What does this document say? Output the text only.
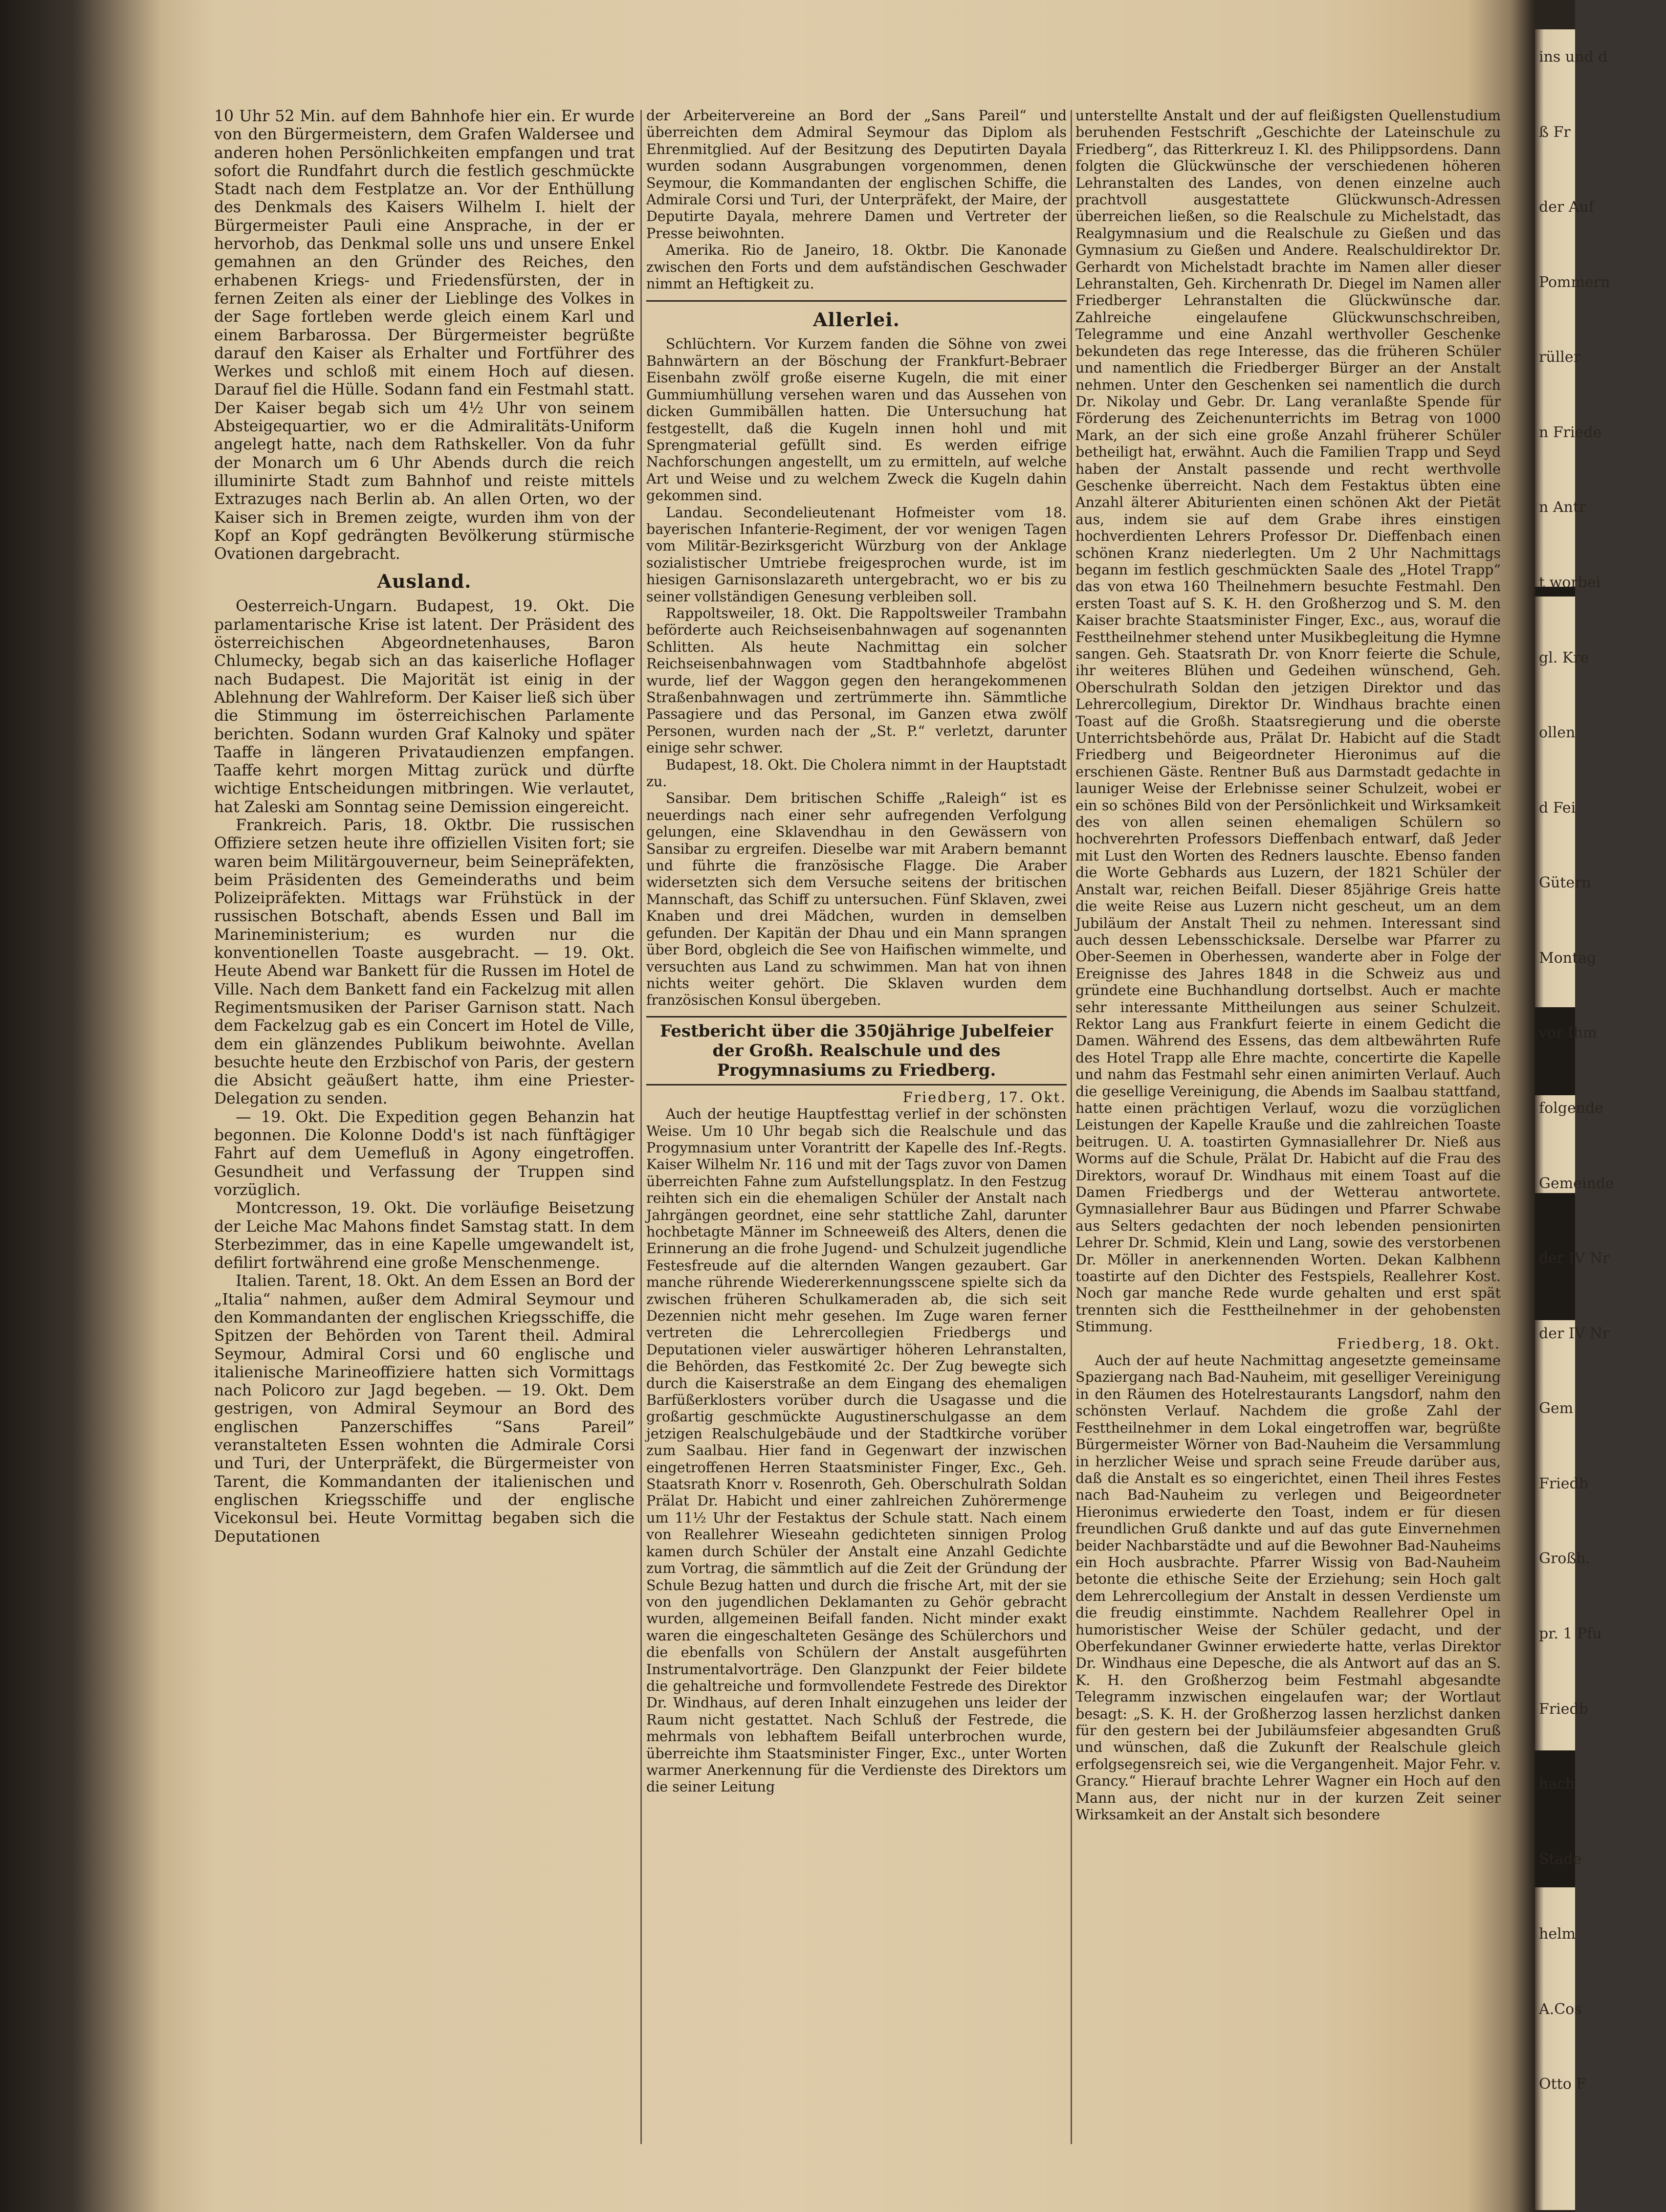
10 Uhr 52 Min. auf dem Bahnhofe hier ein. Er wurde von den Bürgermeistern, dem Grafen Waldersee und anderen hohen Persönlichkeiten empfangen und trat sofort die Rundfahrt durch die festlich geschmückte Stadt nach dem Festplatze an. Vor der Enthüllung des Denkmals des Kaisers Wilhelm I. hielt der Bürgermeister Pauli eine Ansprache, in der er hervorhob, das Denkmal solle uns und unsere Enkel gemahnen an den Gründer des Reiches, den erhabenen Kriegs- und Friedensfürsten, der in fernen Zeiten als einer der Lieblinge des Volkes in der Sage fortleben werde gleich einem Karl und einem Barbarossa. Der Bürgermeister begrüßte darauf den Kaiser als Erhalter und Fortführer des Werkes und schloß mit einem Hoch auf diesen. Darauf fiel die Hülle. Sodann fand ein Festmahl statt. Der Kaiser begab sich um 4½ Uhr von seinem Absteigequartier, wo er die Admiralitäts-Uniform angelegt hatte, nach dem Rathskeller. Von da fuhr der Monarch um 6 Uhr Abends durch die reich illuminirte Stadt zum Bahnhof und reiste mittels Extrazuges nach Berlin ab. An allen Orten, wo der Kaiser sich in Bremen zeigte, wurden ihm von der Kopf an Kopf gedrängten Bevölkerung stürmische Ovationen dargebracht.

Ausland.

Oesterreich-Ungarn. Budapest, 19. Okt. Die parlamentarische Krise ist latent. Der Präsident des österreichischen Abgeordnetenhauses, Baron Chlumecky, begab sich an das kaiserliche Hoflager nach Budapest. Die Majorität ist einig in der Ablehnung der Wahlreform. Der Kaiser ließ sich über die Stimmung im österreichischen Parlamente berichten. Sodann wurden Graf Kalnoky und später Taaffe in längeren Privataudienzen empfangen. Taaffe kehrt morgen Mittag zurück und dürfte wichtige Entscheidungen mitbringen. Wie verlautet, hat Zaleski am Sonntag seine Demission eingereicht.

Frankreich. Paris, 18. Oktbr. Die russischen Offiziere setzen heute ihre offiziellen Visiten fort; sie waren beim Militärgouverneur, beim Seinepräfekten, beim Präsidenten des Gemeinderaths und beim Polizeipräfekten. Mittags war Frühstück in der russischen Botschaft, abends Essen und Ball im Marineministerium; es wurden nur die konventionellen Toaste ausgebracht. — 19. Okt. Heute Abend war Bankett für die Russen im Hotel de Ville. Nach dem Bankett fand ein Fackelzug mit allen Regimentsmusiken der Pariser Garnison statt. Nach dem Fackelzug gab es ein Concert im Hotel de Ville, dem ein glänzendes Publikum beiwohnte. Avellan besuchte heute den Erzbischof von Paris, der gestern die Absicht geäußert hatte, ihm eine Priester-Delegation zu senden.

— 19. Okt. Die Expedition gegen Behanzin hat begonnen. Die Kolonne Dodd's ist nach fünftägiger Fahrt auf dem Uemefluß in Agony eingetroffen. Gesundheit und Verfassung der Truppen sind vorzüglich.

Montcresson, 19. Okt. Die vorläufige Beisetzung der Leiche Mac Mahons findet Samstag statt. In dem Sterbezimmer, das in eine Kapelle umgewandelt ist, defilirt fortwährend eine große Menschenmenge.

Italien. Tarent, 18. Okt. An dem Essen an Bord der „Italia“ nahmen, außer dem Admiral Seymour und den Kommandanten der englischen Kriegsschiffe, die Spitzen der Behörden von Tarent theil. Admiral Seymour, Admiral Corsi und 60 englische und italienische Marineoffiziere hatten sich Vormittags nach Policoro zur Jagd begeben. — 19. Okt. Dem gestrigen, von Admiral Seymour an Bord des englischen Panzerschiffes “Sans Pareil” veranstalteten Essen wohnten die Admirale Corsi und Turi, der Unterpräfekt, die Bürgermeister von Tarent, die Kommandanten der italienischen und englischen Kriegsschiffe und der englische Vicekonsul bei. Heute Vormittag begaben sich die Deputationen

der Arbeitervereine an Bord der „Sans Pareil“ und überreichten dem Admiral Seymour das Diplom als Ehrenmitglied. Auf der Besitzung des Deputirten Dayala wurden sodann Ausgrabungen vorgenommen, denen Seymour, die Kommandanten der englischen Schiffe, die Admirale Corsi und Turi, der Unterpräfekt, der Maire, der Deputirte Dayala, mehrere Damen und Vertreter der Presse beiwohnten.

Amerika. Rio de Janeiro, 18. Oktbr. Die Kanonade zwischen den Forts und dem aufständischen Geschwader nimmt an Heftigkeit zu.

Allerlei.

Schlüchtern. Vor Kurzem fanden die Söhne von zwei Bahnwärtern an der Böschung der Frankfurt-Bebraer Eisenbahn zwölf große eiserne Kugeln, die mit einer Gummiumhüllung versehen waren und das Aussehen von dicken Gummibällen hatten. Die Untersuchung hat festgestellt, daß die Kugeln innen hohl und mit Sprengmaterial gefüllt sind. Es werden eifrige Nachforschungen angestellt, um zu ermitteln, auf welche Art und Weise und zu welchem Zweck die Kugeln dahin gekommen sind.

Landau. Secondelieutenant Hofmeister vom 18. bayerischen Infanterie-Regiment, der vor wenigen Tagen vom Militär-Bezirksgericht Würzburg von der Anklage sozialistischer Umtriebe freigesprochen wurde, ist im hiesigen Garnisonslazareth untergebracht, wo er bis zu seiner vollständigen Genesung verbleiben soll.

Rappoltsweiler, 18. Okt. Die Rappoltsweiler Trambahn beförderte auch Reichseisenbahnwagen auf sogenannten Schlitten. Als heute Nachmittag ein solcher Reichseisenbahnwagen vom Stadtbahnhofe abgelöst wurde, lief der Waggon gegen den herangekommenen Straßenbahnwagen und zertrümmerte ihn. Sämmtliche Passagiere und das Personal, im Ganzen etwa zwölf Personen, wurden nach der „St. P.“ verletzt, darunter einige sehr schwer.

Budapest, 18. Okt. Die Cholera nimmt in der Hauptstadt zu.

Sansibar. Dem britischen Schiffe „Raleigh“ ist es neuerdings nach einer sehr aufregenden Verfolgung gelungen, eine Sklavendhau in den Gewässern von Sansibar zu ergreifen. Dieselbe war mit Arabern bemannt und führte die französische Flagge. Die Araber widersetzten sich dem Versuche seitens der britischen Mannschaft, das Schiff zu untersuchen. Fünf Sklaven, zwei Knaben und drei Mädchen, wurden in demselben gefunden. Der Kapitän der Dhau und ein Mann sprangen über Bord, obgleich die See von Haifischen wimmelte, und versuchten aus Land zu schwimmen. Man hat von ihnen nichts weiter gehört. Die Sklaven wurden dem französischen Konsul übergeben.

Festbericht über die 350jährige Jubelfeier der Großh. Realschule und des Progymnasiums zu Friedberg.

Friedberg, 17. Okt.

Auch der heutige Hauptfesttag verlief in der schönsten Weise. Um 10 Uhr begab sich die Realschule und das Progymnasium unter Vorantritt der Kapelle des Inf.-Regts. Kaiser Wilhelm Nr. 116 und mit der Tags zuvor von Damen überreichten Fahne zum Aufstellungsplatz. In den Festzug reihten sich ein die ehemaligen Schüler der Anstalt nach Jahrgängen geordnet, eine sehr stattliche Zahl, darunter hochbetagte Männer im Schneeweiß des Alters, denen die Erinnerung an die frohe Jugend- und Schulzeit jugendliche Festesfreude auf die alternden Wangen gezaubert. Gar manche rührende Wiedererkennungsscene spielte sich da zwischen früheren Schulkameraden ab, die sich seit Dezennien nicht mehr gesehen. Im Zuge waren ferner vertreten die Lehrercollegien Friedbergs und Deputationen vieler auswärtiger höheren Lehranstalten, die Behörden, das Festkomité 2c. Der Zug bewegte sich durch die Kaiserstraße an dem Eingang des ehemaligen Barfüßerklosters vorüber durch die Usagasse und die großartig geschmückte Augustinerschulgasse an dem jetzigen Realschulgebäude und der Stadtkirche vorüber zum Saalbau. Hier fand in Gegenwart der inzwischen eingetroffenen Herren Staatsminister Finger, Exc., Geh. Staatsrath Knorr v. Rosenroth, Geh. Oberschulrath Soldan Prälat Dr. Habicht und einer zahlreichen Zuhörermenge um 11½ Uhr der Festaktus der Schule statt. Nach einem von Reallehrer Wieseahn gedichteten sinnigen Prolog kamen durch Schüler der Anstalt eine Anzahl Gedichte zum Vortrag, die sämmtlich auf die Zeit der Gründung der Schule Bezug hatten und durch die frische Art, mit der sie von den jugendlichen Deklamanten zu Gehör gebracht wurden, allgemeinen Beifall fanden. Nicht minder exakt waren die eingeschalteten Gesänge des Schülerchors und die ebenfalls von Schülern der Anstalt ausgeführten Instrumentalvorträge. Den Glanzpunkt der Feier bildete die gehaltreiche und formvollendete Festrede des Direktor Dr. Windhaus, auf deren Inhalt einzugehen uns leider der Raum nicht gestattet. Nach Schluß der Festrede, die mehrmals von lebhaftem Beifall unterbrochen wurde, überreichte ihm Staatsminister Finger, Exc., unter Worten warmer Anerkennung für die Verdienste des Direktors um die seiner Leitung

unterstellte Anstalt und der auf fleißigsten Quellenstudium beruhenden Festschrift „Geschichte der Lateinschule zu Friedberg“, das Ritterkreuz I. Kl. des Philippsordens. Dann folgten die Glückwünsche der verschiedenen höheren Lehranstalten des Landes, von denen einzelne auch prachtvoll ausgestattete Glückwunsch-Adressen überreichen ließen, so die Realschule zu Michelstadt, das Realgymnasium und die Realschule zu Gießen und das Gymnasium zu Gießen und Andere. Realschuldirektor Dr. Gerhardt von Michelstadt brachte im Namen aller dieser Lehranstalten, Geh. Kirchenrath Dr. Diegel im Namen aller Friedberger Lehranstalten die Glückwünsche dar. Zahlreiche eingelaufene Glückwunschschreiben, Telegramme und eine Anzahl werthvoller Geschenke bekundeten das rege Interesse, das die früheren Schüler und namentlich die Friedberger Bürger an der Anstalt nehmen. Unter den Geschenken sei namentlich die durch Dr. Nikolay und Gebr. Dr. Lang veranlaßte Spende für Förderung des Zeichenunterrichts im Betrag von 1000 Mark, an der sich eine große Anzahl früherer Schüler betheiligt hat, erwähnt. Auch die Familien Trapp und Seyd haben der Anstalt passende und recht werthvolle Geschenke überreicht. Nach dem Festaktus übten eine Anzahl älterer Abiturienten einen schönen Akt der Pietät aus, indem sie auf dem Grabe ihres einstigen hochverdienten Lehrers Professor Dr. Dieffenbach einen schönen Kranz niederlegten. Um 2 Uhr Nachmittags begann im festlich geschmückten Saale des „Hotel Trapp“ das von etwa 160 Theilnehmern besuchte Festmahl. Den ersten Toast auf S. K. H. den Großherzog und S. M. den Kaiser brachte Staatsminister Finger, Exc., aus, worauf die Festtheilnehmer stehend unter Musikbegleitung die Hymne sangen. Geh. Staatsrath Dr. von Knorr feierte die Schule, ihr weiteres Blühen und Gedeihen wünschend, Geh. Oberschulrath Soldan den jetzigen Direktor und das Lehrercollegium, Direktor Dr. Windhaus brachte einen Toast auf die Großh. Staatsregierung und die oberste Unterrichtsbehörde aus, Prälat Dr. Habicht auf die Stadt Friedberg und Beigeordneter Hieronimus auf die erschienen Gäste. Rentner Buß aus Darmstadt gedachte in launiger Weise der Erlebnisse seiner Schulzeit, wobei er ein so schönes Bild von der Persönlichkeit und Wirksamkeit des von allen seinen ehemaligen Schülern so hochverehrten Professors Dieffenbach entwarf, daß Jeder mit Lust den Worten des Redners lauschte. Ebenso fanden die Worte Gebhards aus Luzern, der 1821 Schüler der Anstalt war, reichen Beifall. Dieser 85jährige Greis hatte die weite Reise aus Luzern nicht gescheut, um an dem Jubiläum der Anstalt Theil zu nehmen. Interessant sind auch dessen Lebensschicksale. Derselbe war Pfarrer zu Ober-Seemen in Oberhessen, wanderte aber in Folge der Ereignisse des Jahres 1848 in die Schweiz aus und gründete eine Buchhandlung dortselbst. Auch er machte sehr interessante Mittheilungen aus seiner Schulzeit. Rektor Lang aus Frankfurt feierte in einem Gedicht die Damen. Während des Essens, das dem altbewährten Rufe des Hotel Trapp alle Ehre machte, concertirte die Kapelle und nahm das Festmahl sehr einen animirten Verlauf. Auch die gesellige Vereinigung, die Abends im Saalbau stattfand, hatte einen prächtigen Verlauf, wozu die vorzüglichen Leistungen der Kapelle Krauße und die zahlreichen Toaste beitrugen. U. A. toastirten Gymnasiallehrer Dr. Nieß aus Worms auf die Schule, Prälat Dr. Habicht auf die Frau des Direktors, worauf Dr. Windhaus mit einem Toast auf die Damen Friedbergs und der Wetterau antwortete. Gymnasiallehrer Baur aus Büdingen und Pfarrer Schwabe aus Selters gedachten der noch lebenden pensionirten Lehrer Dr. Schmid, Klein und Lang, sowie des verstorbenen Dr. Möller in anerkennenden Worten. Dekan Kalbhenn toastirte auf den Dichter des Festspiels, Reallehrer Kost. Noch gar manche Rede wurde gehalten und erst spät trennten sich die Festtheilnehmer in der gehobensten Stimmung.

Friedberg, 18. Okt.

Auch der auf heute Nachmittag angesetzte gemeinsame Spaziergang nach Bad-Nauheim, mit geselliger Vereinigung in den Räumen des Hotelrestaurants Langsdorf, nahm den schönsten Verlauf. Nachdem die große Zahl der Festtheilnehmer in dem Lokal eingetroffen war, begrüßte Bürgermeister Wörner von Bad-Nauheim die Versammlung in herzlicher Weise und sprach seine Freude darüber aus, daß die Anstalt es so eingerichtet, einen Theil ihres Festes nach Bad-Nauheim zu verlegen und Beigeordneter Hieronimus erwiederte den Toast, indem er für diesen freundlichen Gruß dankte und auf das gute Einvernehmen beider Nachbarstädte und auf die Bewohner Bad-Nauheims ein Hoch ausbrachte. Pfarrer Wissig von Bad-Nauheim betonte die ethische Seite der Erziehung; sein Hoch galt dem Lehrercollegium der Anstalt in dessen Verdienste um die freudig einstimmte. Nachdem Reallehrer Opel in humoristischer Weise der Schüler gedacht, und der Oberfekundaner Gwinner erwiederte hatte, verlas Direktor Dr. Windhaus eine Depesche, die als Antwort auf das an S. K. H. den Großherzog beim Festmahl abgesandte Telegramm inzwischen eingelaufen war; der Wortlaut besagt: „S. K. H. der Großherzog lassen herzlichst danken für den gestern bei der Jubiläumsfeier abgesandten Gruß und wünschen, daß die Zukunft der Realschule gleich erfolgsegensreich sei, wie die Vergangenheit. Major Fehr. v. Grancy.“ Hierauf brachte Lehrer Wagner ein Hoch auf den Mann aus, der nicht nur in der kurzen Zeit seiner Wirksamkeit an der Anstalt sich besondere

ins und d
ß Fr
der Auf
Pommern
rüller
n Friede
n Antr
t worbei
gl. Kre
ollen
d Fei
Gütern
Montag
vor Ihm
folgende
Gemeinde
der IV Nr
der IV Nr
Gem
Friedb
Großh.
pr. 1 Pfu
Friedb
hach
Stade
helm
A.Cos
Otto F
